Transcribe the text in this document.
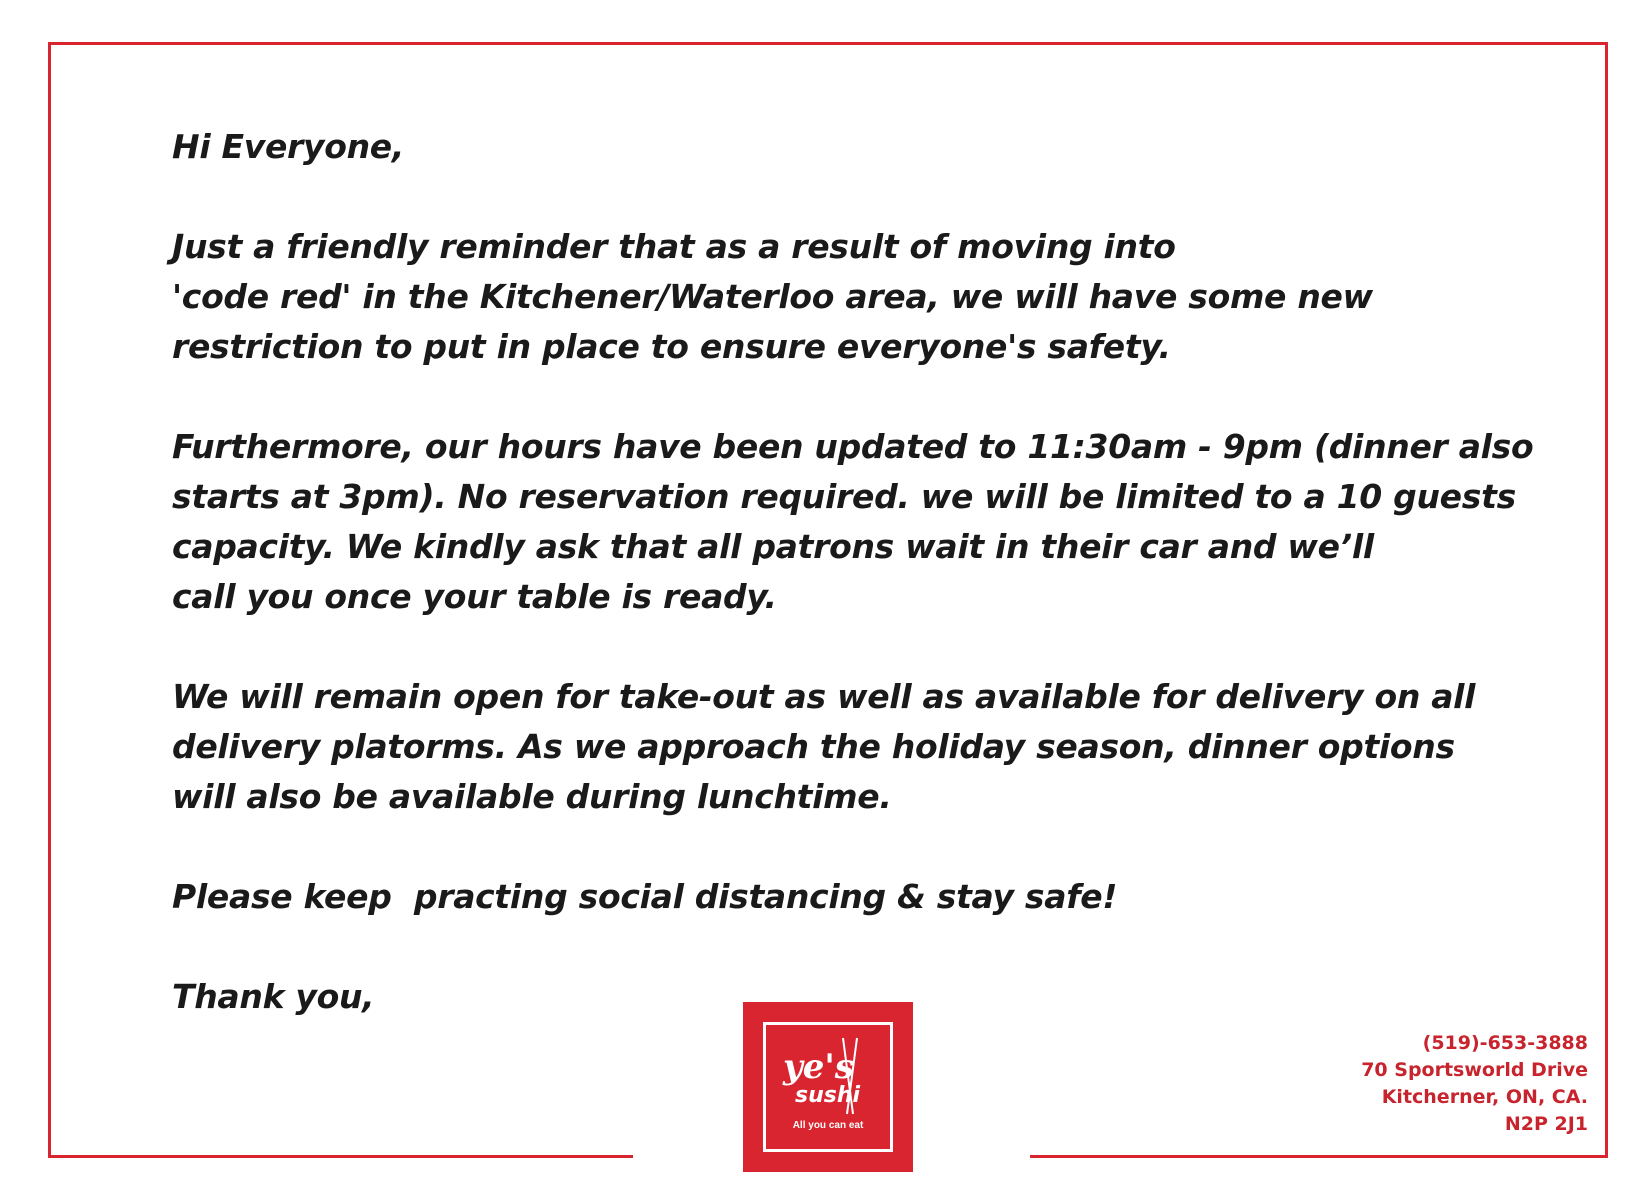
Hi Everyone,
Just a friendly reminder that as a result of moving into
'code red' in the Kitchener/Waterloo area, we will have some new
restriction to put in place to ensure everyone's safety.
Furthermore, our hours have been updated to 11:30am - 9pm (dinner also
starts at 3pm). No reservation required. we will be limited to a 10 guests
capacity. We kindly ask that all patrons wait in their car and we’ll
call you once your table is ready.
We will remain open for take-out as well as available for delivery on all
delivery platorms. As we approach the holiday season, dinner options
will also be available during lunchtime.
Please keep  practing social distancing & stay safe!
Thank you,
ye's
sushi
All you can eat
(519)-653-3888
70 Sportsworld Drive
Kitcherner, ON, CA.
N2P 2J1
